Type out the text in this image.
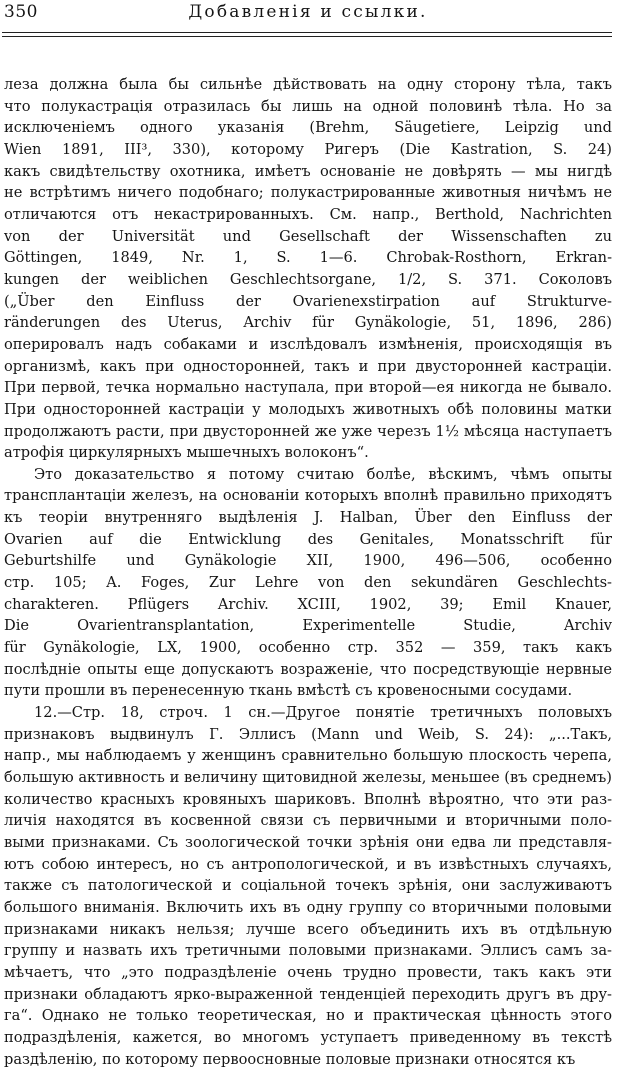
350	Добавленія и ссылки.
леза должна была бы сильнѣе дѣйствовать на одну сторону тѣла, такъ
что полукастрація отразилась бы лишь на одной половинѣ тѣла. Но за
исключеніемъ одного указанія (Brehm, Säugetiere, Leipzig und
Wien 1891, III³, 330), которому Ригеръ (Die Kastration, S. 24)
какъ свидѣтельству охотника, имѣетъ основаніе не довѣрять — мы нигдѣ
не встрѣтимъ ничего подобнаго; полукастрированные животныя ничѣмъ не
отличаются отъ некастрированныхъ. См. напр., Berthold, Nachrichten
von der Universität und Gesellschaft der Wissenschaften zu
Göttingen, 1849, Nr. 1, S. 1—6. Chrobak-Rosthorn, Erkran-
kungen der weiblichen Geschlechtsorgane, 1/2, S. 371. Соколовъ
(„Über den Einfluss der Ovarienexstirpation auf Strukturve-
ränderungen des Uterus, Archiv für Gynäkologie, 51, 1896, 286)
оперировалъ надъ собаками и изслѣдовалъ измѣненія, происходящія въ
организмѣ, какъ при односторонней, такъ и при двусторонней кастраціи.
При первой, течка нормально наступала, при второй—ея никогда не бывало.
При односторонней кастраціи у молодыхъ животныхъ обѣ половины матки
продолжаютъ расти, при двусторонней же уже черезъ 1½ мѣсяца наступаетъ
атрофія циркулярныхъ мышечныхъ волоконъ“.
Это доказательство я потому считаю болѣе, вѣскимъ, чѣмъ опыты
трансплантаціи железъ, на основаніи которыхъ вполнѣ правильно приходятъ
къ теоріи внутренняго выдѣленія J. Halban, Über den Einfluss der
Ovarien auf die Entwicklung des Genitales, Monatsschrift für
Geburtshilfe und Gynäkologie XII, 1900, 496—506, особенно
стр. 105; A. Foges, Zur Lehre von den sekundären Geschlechts-
charakteren. Pflügers Archiv. XCIII, 1902, 39; Emil Knauer,
Die Ovarientransplantation, Experimentelle Studie, Archiv
für Gynäkologie, LX, 1900, особенно стр. 352 — 359, такъ какъ
послѣдніе опыты еще допускаютъ возраженіе, что посредствующіе нервные
пути прошли въ перенесенную ткань вмѣстѣ съ кровеносными сосудами.
12.—Стр. 18, строч. 1 сн.—Другое понятіе третичныхъ половыхъ
признаковъ выдвинулъ Г. Эллисъ (Mann und Weib, S. 24): „...Такъ,
напр., мы наблюдаемъ у женщинъ сравнительно большую плоскость черепа,
большую активность и величину щитовидной железы, меньшее (въ среднемъ)
количество красныхъ кровяныхъ шариковъ. Вполнѣ вѣроятно, что эти раз-
личія находятся въ косвенной связи съ первичными и вторичными поло-
выми признаками. Съ зоологической точки зрѣнія они едва ли представля-
ютъ собою интересъ, но съ антропологической, и въ извѣстныхъ случаяхъ,
также съ патологической и соціальной точекъ зрѣнія, они заслуживаютъ
большого вниманія. Включить ихъ въ одну группу со вторичными половыми
признаками никакъ нельзя; лучше всего объединить ихъ въ отдѣльную
группу и назвать ихъ третичными половыми признаками. Эллисъ самъ за-
мѣчаетъ, что „это подраздѣленіе очень трудно провести, такъ какъ эти
признаки обладаютъ ярко-выраженной тенденціей переходить другъ въ дру-
га“. Однако не только теоретическая, но и практическая цѣнность этого
подраздѣленія, кажется, во многомъ уступаетъ приведенному въ текстѣ
раздѣленію, по которому первоосновные половые признаки относятся къ
